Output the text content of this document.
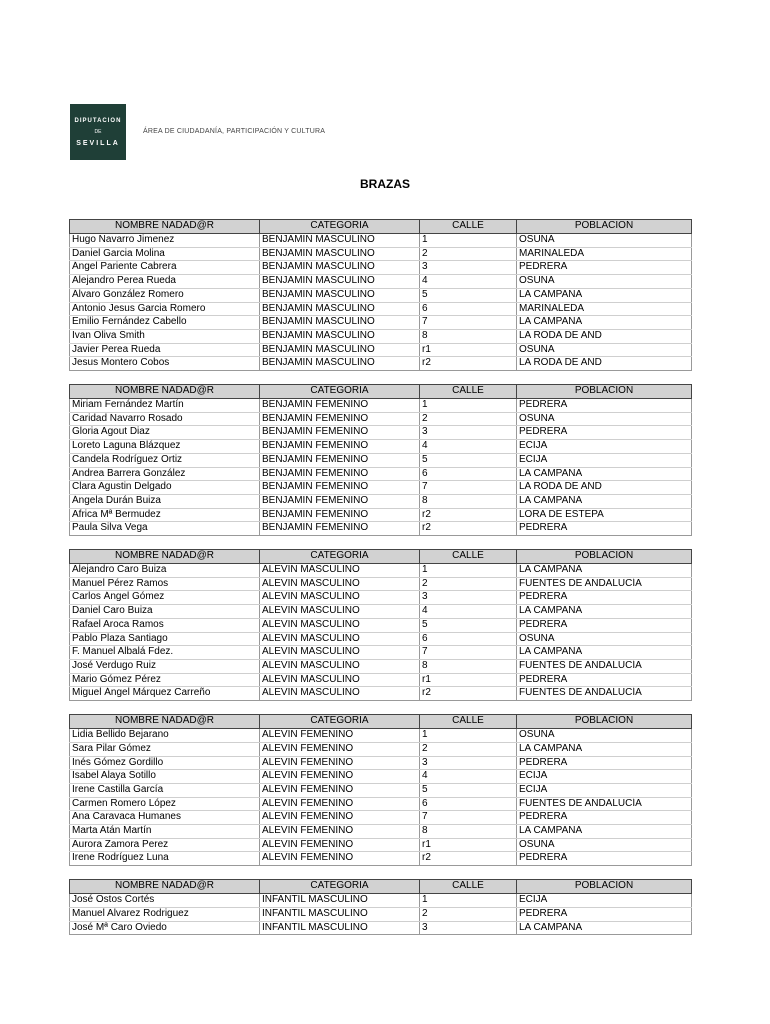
DIPUTACION
DE
SEVILLA
ÁREA DE CIUDADANÍA, PARTICIPACIÓN Y CULTURA
BRAZAS
NOMBRE NADAD@R	CATEGORIA	CALLE	POBLACION
Hugo Navarro Jimenez	BENJAMIN MASCULINO	1	OSUNA
Daniel Garcia Molina	BENJAMIN MASCULINO	2	MARINALEDA
Ángel Pariente Cabrera	BENJAMIN MASCULINO	3	PEDRERA
Alejandro Perea Rueda	BENJAMIN MASCULINO	4	OSUNA
Álvaro González Romero	BENJAMIN MASCULINO	5	LA CAMPANA
Antonio Jesus Garcia Romero	BENJAMIN MASCULINO	6	MARINALEDA
Emilio Fernández Cabello	BENJAMIN MASCULINO	7	LA CAMPANA
Ivan Oliva Smith	BENJAMIN MASCULINO	8	LA RODA DE AND
Javier Perea Rueda	BENJAMIN MASCULINO	r1	OSUNA
Jesus Montero Cobos	BENJAMIN MASCULINO	r2	LA RODA DE AND
NOMBRE NADAD@R	CATEGORIA	CALLE	POBLACION
Miriam Fernández Martín	BENJAMIN FEMENINO	1	PEDRERA
Caridad Navarro Rosado	BENJAMIN FEMENINO	2	OSUNA
Gloria Agout Diaz	BENJAMIN FEMENINO	3	PEDRERA
Loreto Laguna Blázquez	BENJAMIN FEMENINO	4	ECIJA
Candela Rodríguez Ortiz	BENJAMIN FEMENINO	5	ECIJA
Andrea Barrera González	BENJAMIN FEMENINO	6	LA CAMPANA
Clara Agustin Delgado	BENJAMIN FEMENINO	7	LA RODA DE AND
Ángela Durán Buiza	BENJAMIN FEMENINO	8	LA CAMPANA
Africa Mª Bermudez	BENJAMIN FEMENINO	r2	LORA DE ESTEPA
Paula Silva Vega	BENJAMIN FEMENINO	r2	PEDRERA
NOMBRE NADAD@R	CATEGORIA	CALLE	POBLACION
Alejandro Caro Buiza	ALEVIN MASCULINO	1	LA CAMPANA
Manuel Pérez Ramos	ALEVIN MASCULINO	2	FUENTES DE ANDALUCÍA
Carlos Ángel Gómez	ALEVIN MASCULINO	3	PEDRERA
Daniel Caro Buiza	ALEVIN MASCULINO	4	LA CAMPANA
Rafael Aroca Ramos	ALEVIN MASCULINO	5	PEDRERA
Pablo Plaza Santiago	ALEVIN MASCULINO	6	OSUNA
F. Manuel Albalá Fdez.	ALEVIN MASCULINO	7	LA CAMPANA
José Verdugo Ruiz	ALEVIN MASCULINO	8	FUENTES DE ANDALUCÍA
Mario Gómez Pérez	ALEVIN MASCULINO	r1	PEDRERA
Miguel Ángel Márquez Carreño	ALEVIN MASCULINO	r2	FUENTES DE ANDALUCÍA
NOMBRE NADAD@R	CATEGORIA	CALLE	POBLACION
Lidia Bellido Bejarano	ALEVIN FEMENINO	1	OSUNA
Sara Pilar Gómez	ALEVIN FEMENINO	2	LA CAMPANA
Inés Gómez Gordillo	ALEVIN FEMENINO	3	PEDRERA
Isabel Alaya Sotillo	ALEVIN FEMENINO	4	ECIJA
Irene Castilla García	ALEVIN FEMENINO	5	ECIJA
Carmen Romero López	ALEVIN FEMENINO	6	FUENTES DE ANDALUCÍA
Ana Caravaca Humanes	ALEVIN FEMENINO	7	PEDRERA
Marta Atán Martín	ALEVIN FEMENINO	8	LA CAMPANA
Aurora Zamora Perez	ALEVIN FEMENINO	r1	OSUNA
Irene Rodríguez Luna	ALEVIN FEMENINO	r2	PEDRERA
NOMBRE NADAD@R	CATEGORIA	CALLE	POBLACION
José Ostos Cortés	INFANTIL MASCULINO	1	ECIJA
Manuel Alvarez Rodriguez	INFANTIL MASCULINO	2	PEDRERA
José Mª Caro Oviedo	INFANTIL MASCULINO	3	LA CAMPANA
